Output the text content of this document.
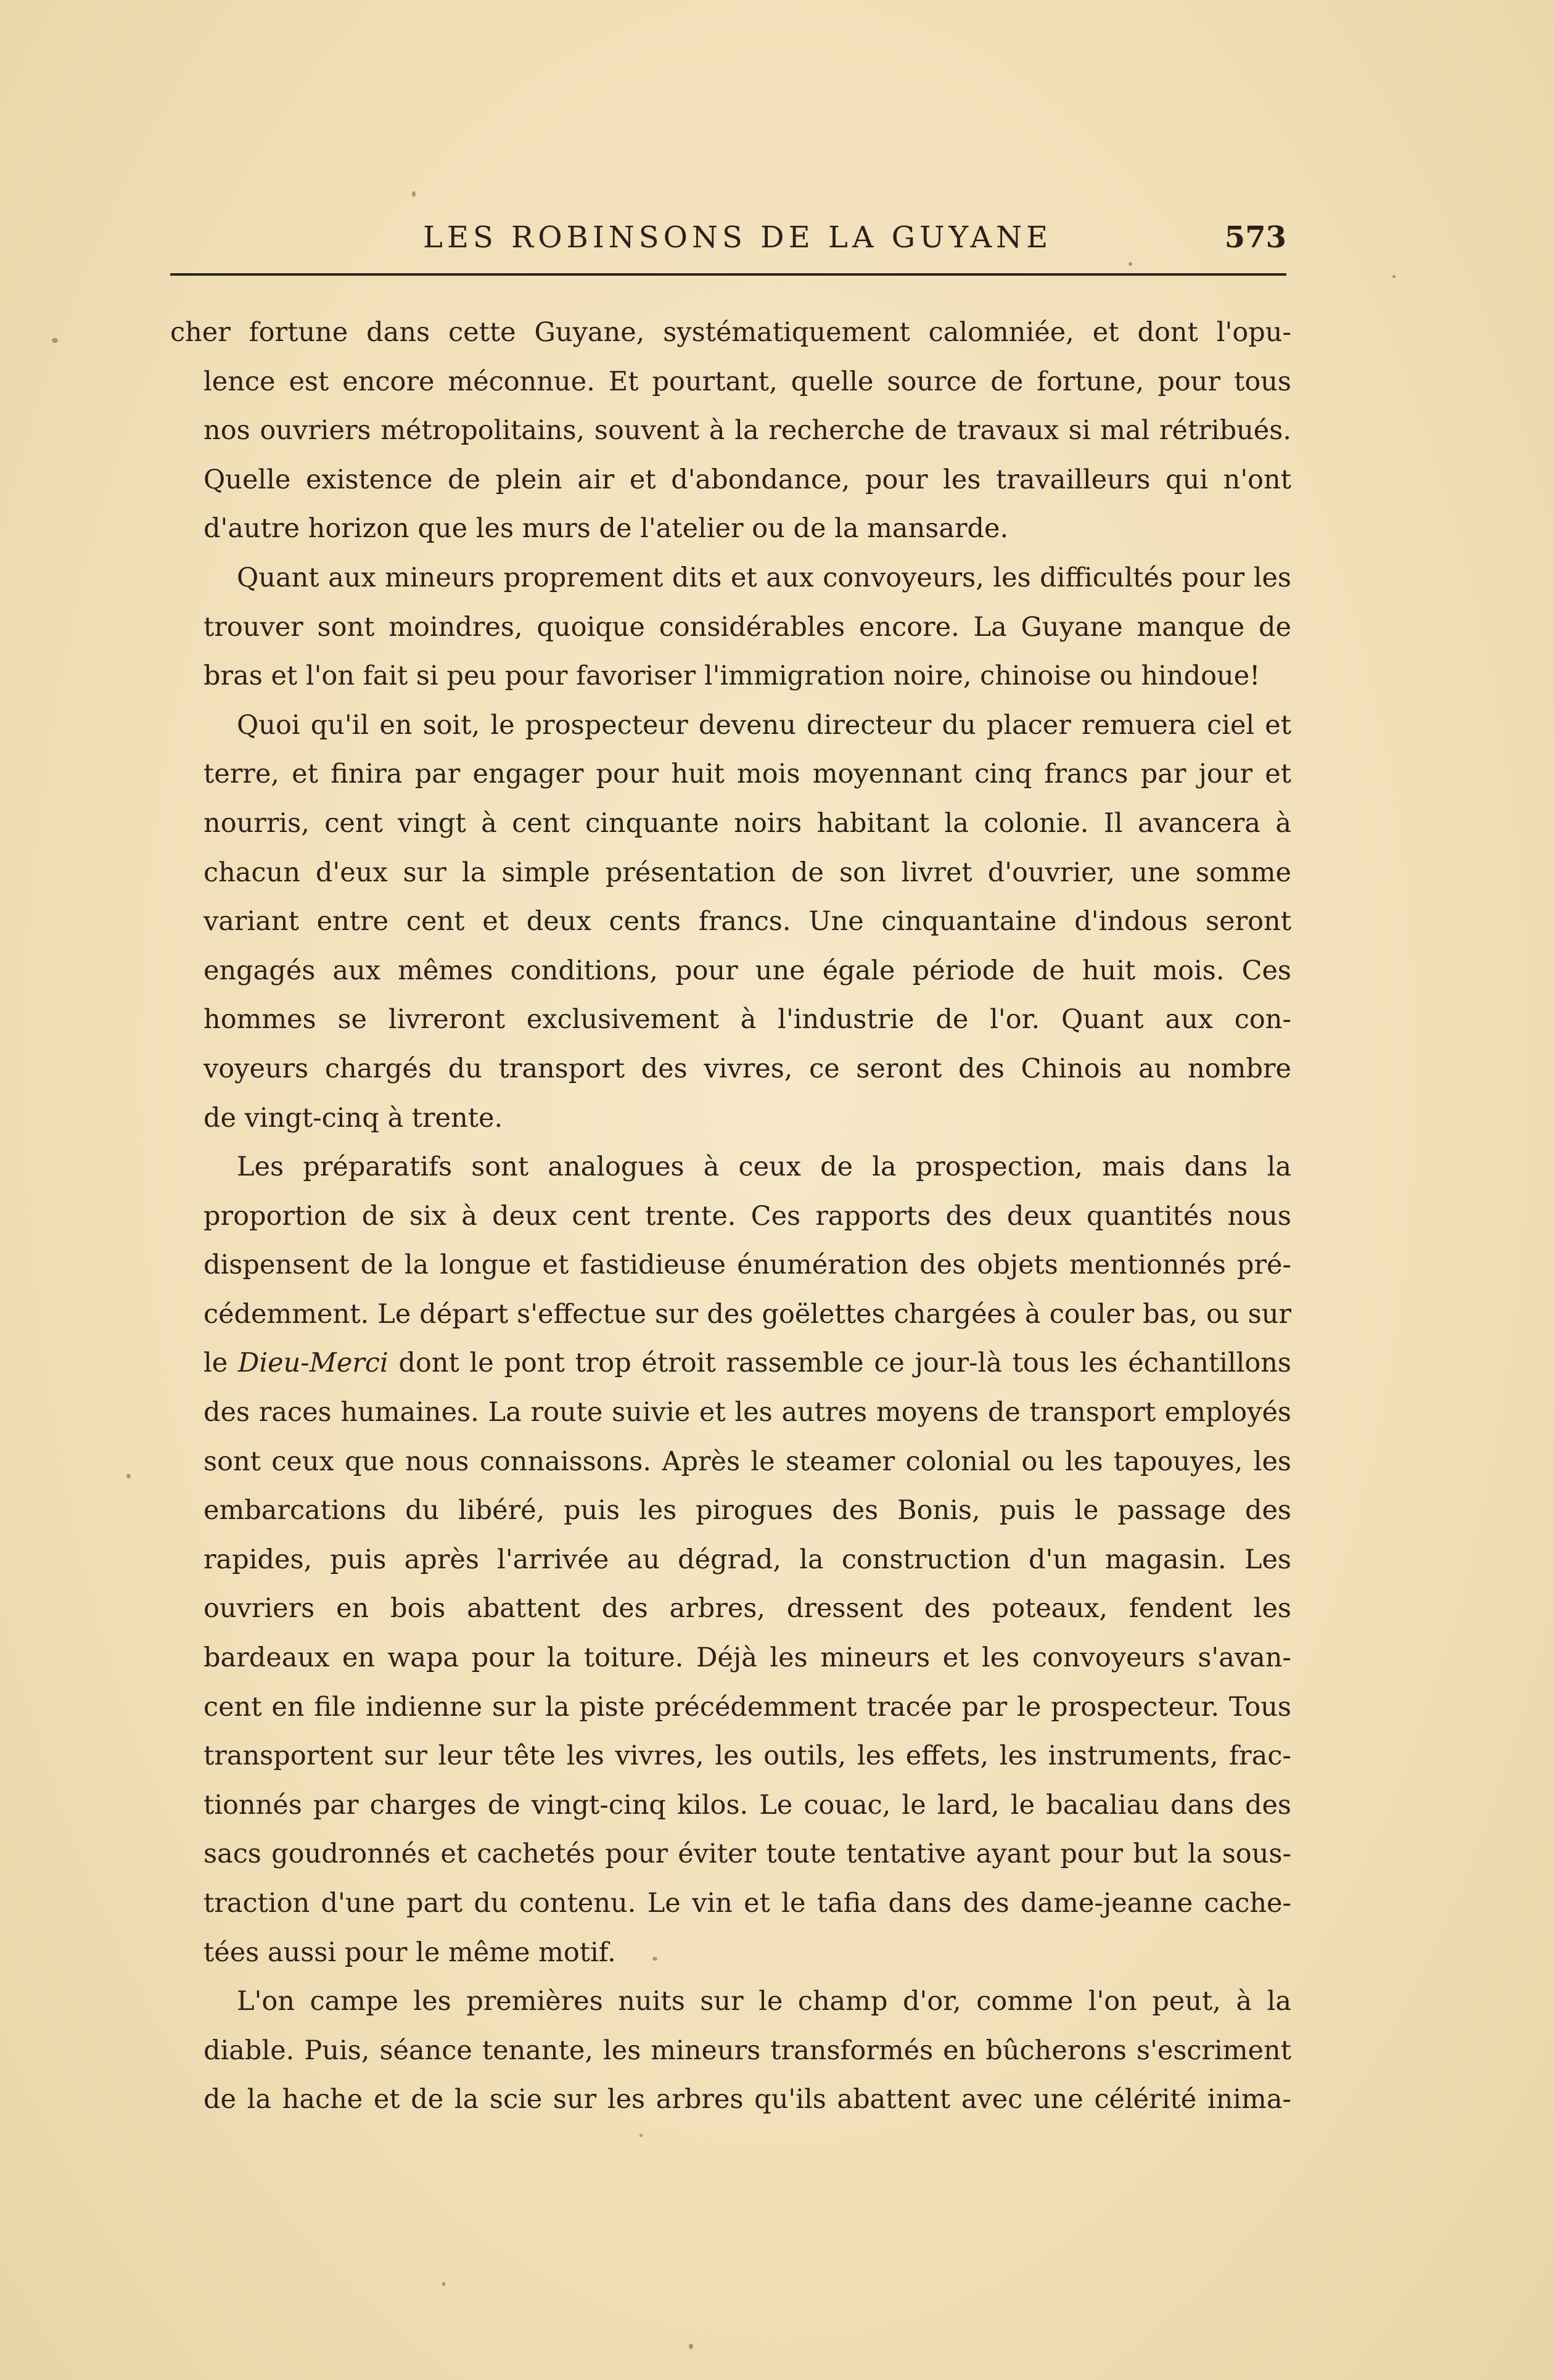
LES ROBINSONS DE LA GUYANE	573

cher fortune dans cette Guyane, systématiquement calomniée, et dont l'opu-
lence est encore méconnue. Et pourtant, quelle source de fortune, pour tous
nos ouvriers métropolitains, souvent à la recherche de travaux si mal rétribués.
Quelle existence de plein air et d'abondance, pour les travailleurs qui n'ont
d'autre horizon que les murs de l'atelier ou de la mansarde.

Quant aux mineurs proprement dits et aux convoyeurs, les difficultés pour les
trouver sont moindres, quoique considérables encore. La Guyane manque de
bras et l'on fait si peu pour favoriser l'immigration noire, chinoise ou hindoue!

Quoi qu'il en soit, le prospecteur devenu directeur du placer remuera ciel et
terre, et finira par engager pour huit mois moyennant cinq francs par jour et
nourris, cent vingt à cent cinquante noirs habitant la colonie. Il avancera à
chacun d'eux sur la simple présentation de son livret d'ouvrier, une somme
variant entre cent et deux cents francs. Une cinquantaine d'indous seront
engagés aux mêmes conditions, pour une égale période de huit mois. Ces
hommes se livreront exclusivement à l'industrie de l'or. Quant aux con-
voyeurs chargés du transport des vivres, ce seront des Chinois au nombre
de vingt-cinq à trente.

Les préparatifs sont analogues à ceux de la prospection, mais dans la
proportion de six à deux cent trente. Ces rapports des deux quantités nous
dispensent de la longue et fastidieuse énumération des objets mentionnés pré-
cédemment. Le départ s'effectue sur des goëlettes chargées à couler bas, ou sur
le Dieu-Merci dont le pont trop étroit rassemble ce jour-là tous les échantillons
des races humaines. La route suivie et les autres moyens de transport employés
sont ceux que nous connaissons. Après le steamer colonial ou les tapouyes, les
embarcations du libéré, puis les pirogues des Bonis, puis le passage des
rapides, puis après l'arrivée au dégrad, la construction d'un magasin. Les
ouvriers en bois abattent des arbres, dressent des poteaux, fendent les
bardeaux en wapa pour la toiture. Déjà les mineurs et les convoyeurs s'avan-
cent en file indienne sur la piste précédemment tracée par le prospecteur. Tous
transportent sur leur tête les vivres, les outils, les effets, les instruments, frac-
tionnés par charges de vingt-cinq kilos. Le couac, le lard, le bacaliau dans des
sacs goudronnés et cachetés pour éviter toute tentative ayant pour but la sous-
traction d'une part du contenu. Le vin et le tafia dans des dame-jeanne cache-
tées aussi pour le même motif.

L'on campe les premières nuits sur le champ d'or, comme l'on peut, à la
diable. Puis, séance tenante, les mineurs transformés en bûcherons s'escriment
de la hache et de la scie sur les arbres qu'ils abattent avec une célérité inima-
